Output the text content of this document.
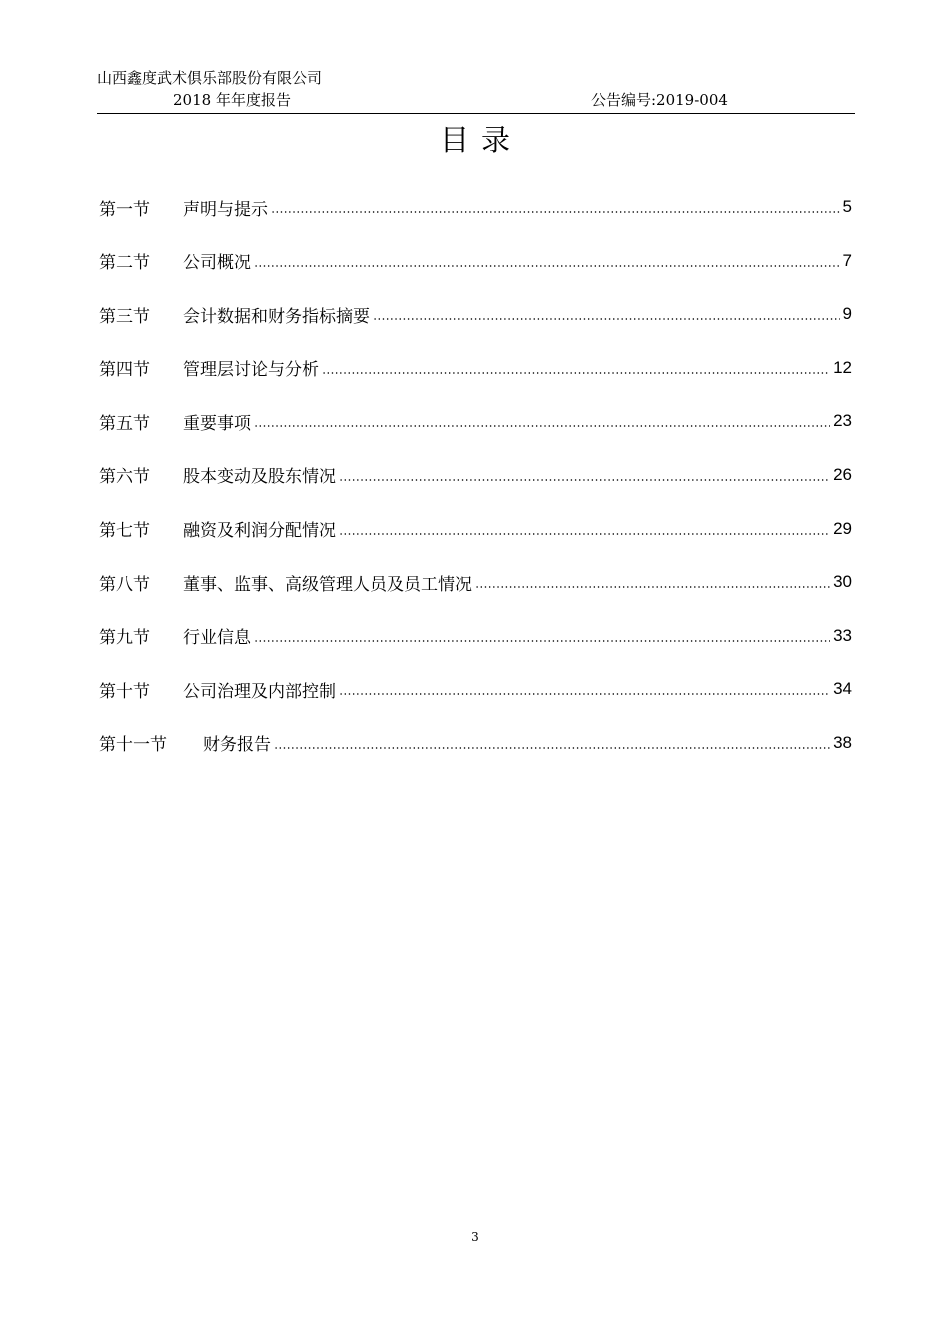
山西鑫度武术俱乐部股份有限公司
2018 年年度报告	公告编号:2019-004
目录
第一节	声明与提示	5
第二节	公司概况	7
第三节	会计数据和财务指标摘要	9
第四节	管理层讨论与分析	12
第五节	重要事项	23
第六节	股本变动及股东情况	26
第七节	融资及利润分配情况	29
第八节	董事、监事、高级管理人员及员工情况	30
第九节	行业信息	33
第十节	公司治理及内部控制	34
第十一节	财务报告	38
3
